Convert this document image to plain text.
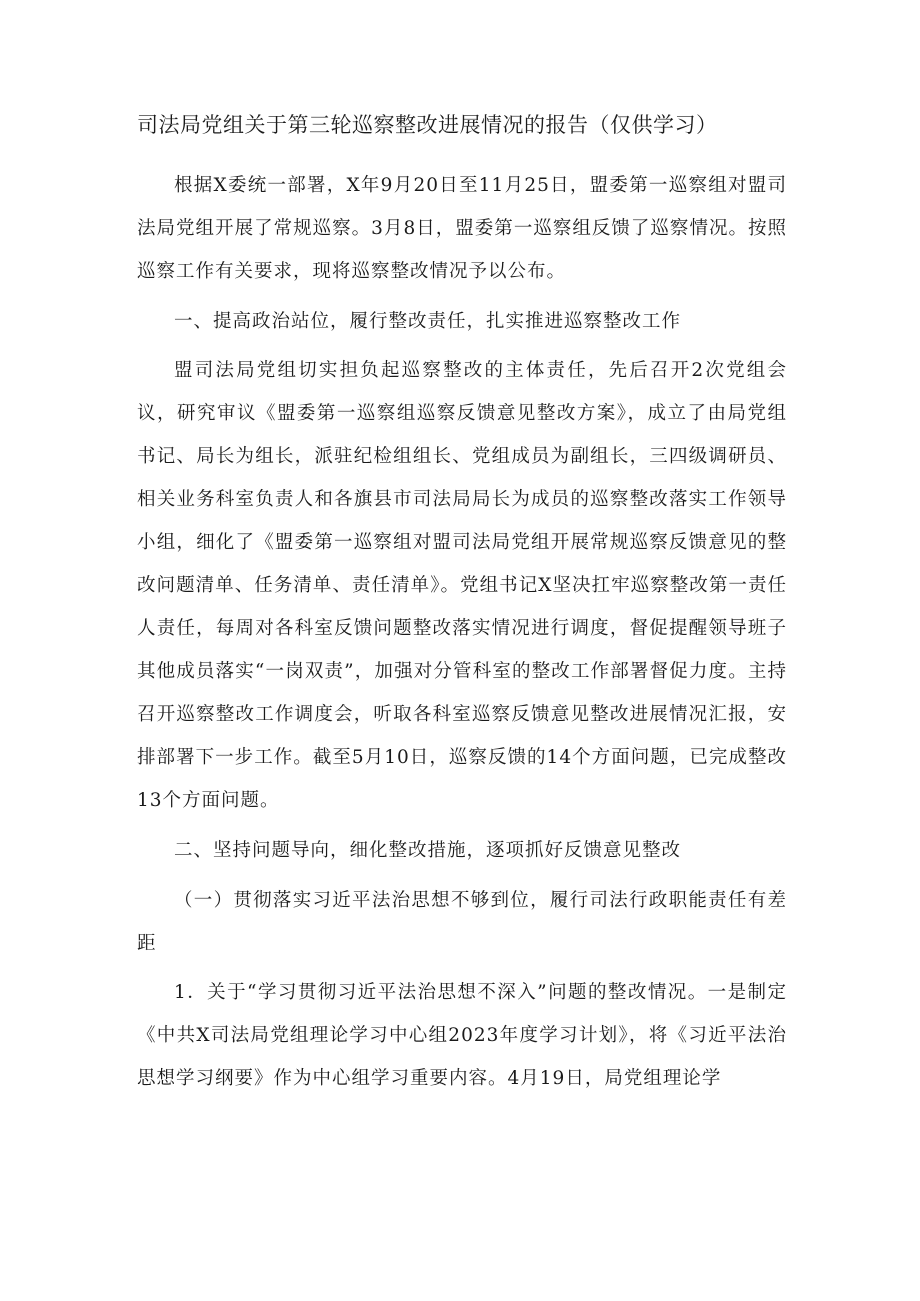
司法局党组关于第三轮巡察整改进展情况的报告（仅供学习）

根据X委统一部署，X年9月20日至11月25日，盟委第一巡察组对盟司法局党组开展了常规巡察。3月8日，盟委第一巡察组反馈了巡察情况。按照巡察工作有关要求，现将巡察整改情况予以公布。

一、提高政治站位，履行整改责任，扎实推进巡察整改工作

盟司法局党组切实担负起巡察整改的主体责任，先后召开2次党组会议，研究审议《盟委第一巡察组巡察反馈意见整改方案》，成立了由局党组书记、局长为组长，派驻纪检组组长、党组成员为副组长，三四级调研员、相关业务科室负责人和各旗县市司法局局长为成员的巡察整改落实工作领导小组，细化了《盟委第一巡察组对盟司法局党组开展常规巡察反馈意见的整改问题清单、任务清单、责任清单》。党组书记X坚决扛牢巡察整改第一责任人责任，每周对各科室反馈问题整改落实情况进行调度，督促提醒领导班子其他成员落实“一岗双责”，加强对分管科室的整改工作部署督促力度。主持召开巡察整改工作调度会，听取各科室巡察反馈意见整改进展情况汇报，安排部署下一步工作。截至5月10日，巡察反馈的14个方面问题，已完成整改13个方面问题。

二、坚持问题导向，细化整改措施，逐项抓好反馈意见整改

（一）贯彻落实习近平法治思想不够到位，履行司法行政职能责任有差距

1．关于“学习贯彻习近平法治思想不深入”问题的整改情况。一是制定《中共X司法局党组理论学习中心组2023年度学习计划》，将《习近平法治思想学习纲要》作为中心组学习重要内容。4月19日，局党组理论学
